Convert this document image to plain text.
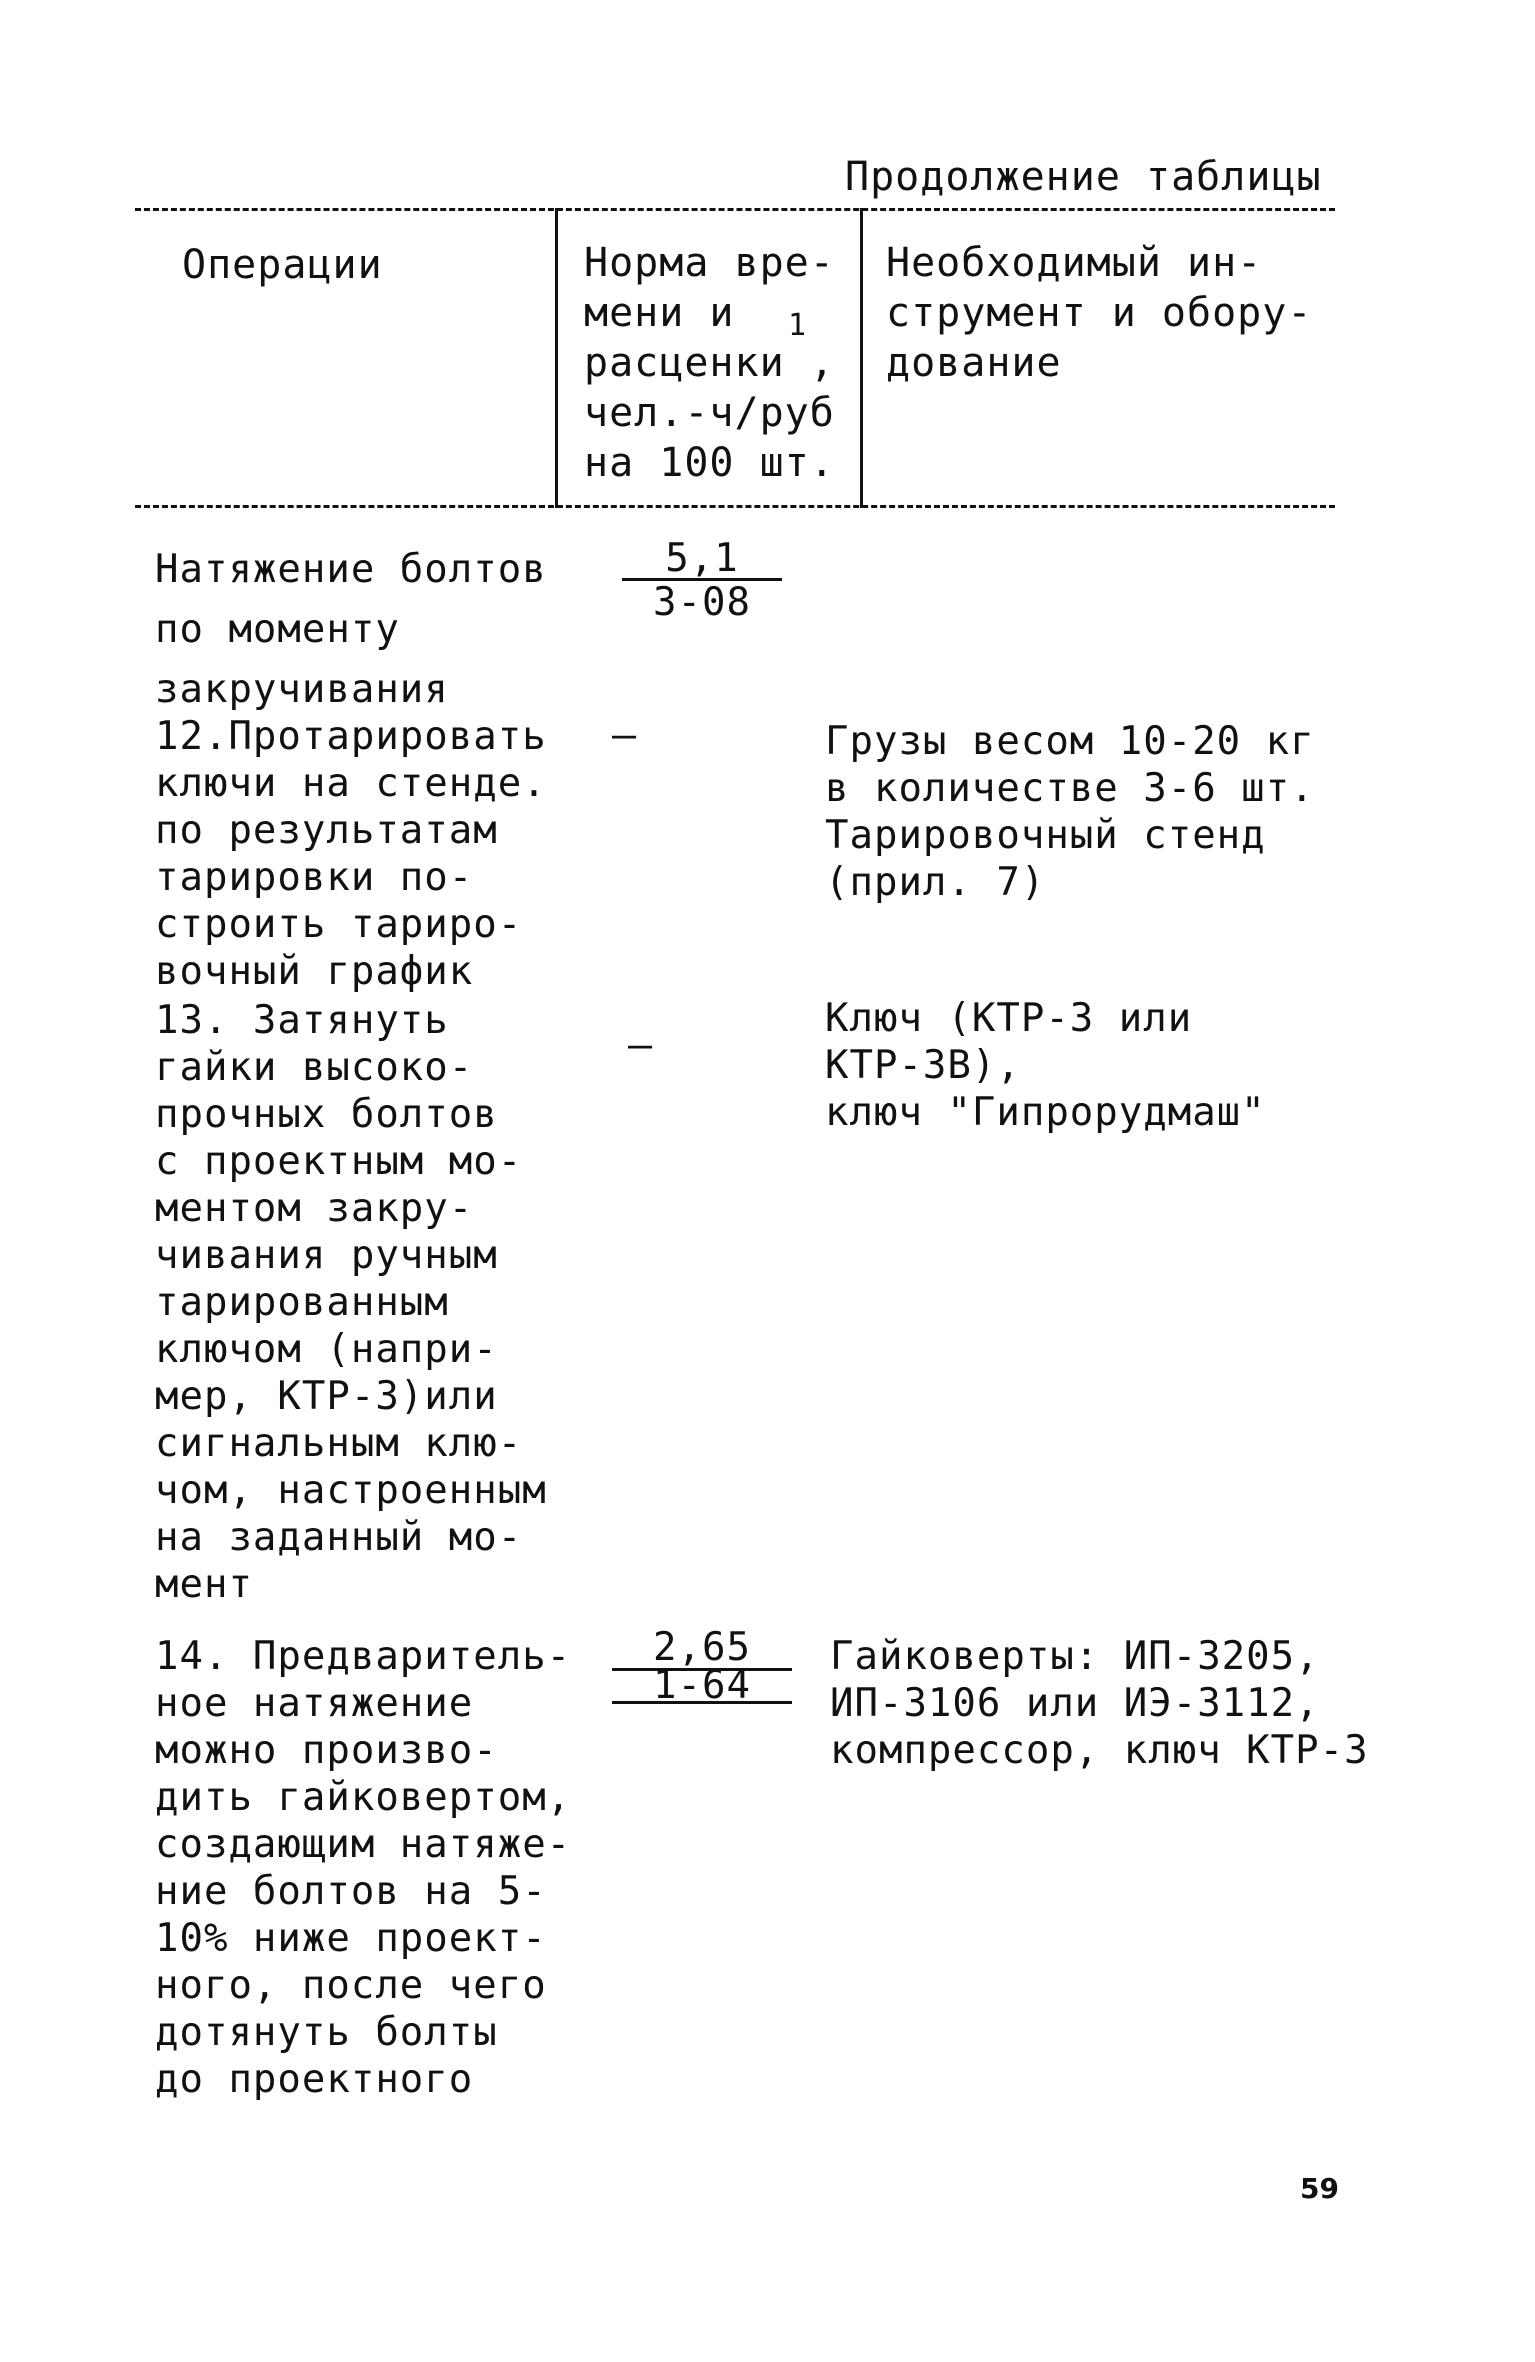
Продолжение таблицы
Операции	Норма вре-
мени и
расценки ,
чел.-ч/руб
на 100 шт.
1
Необходимый ин-
струмент и обору-
дование
Натяжение болтов
по моменту
закручивания
$\frac{5,1}{3-08}$
12.Протарировать
ключи на стенде.
по результатам
тарировки по-
строить тариро-
вочный график
—	Грузы весом 10-20 кг
в количестве 3-6 шт.
Тарировочный стенд
(прил. 7)
13. Затянуть
гайки высоко-
прочных болтов
с проектным мо-
ментом закру-
чивания ручным
тарированным
ключом (напри-
мер, КТР-3)или
сигнальным клю-
чом, настроенным
на заданный мо-
мент
—
Ключ (КТР-3 или
КТР-3В),
ключ "Гипрорудмаш"
14. Предваритель-
ное натяжение
можно произво-
дить гайковертом,
создающим натяже-
ние болтов на 5-
10% ниже проект-
ного, после чего
дотянуть болты
до проектного
$\frac{2,65}{1-64}$ Гайковерты: ИП-3205,
ИП-3106 или ИЭ-3112,
компрессор, ключ КТР-3
59
